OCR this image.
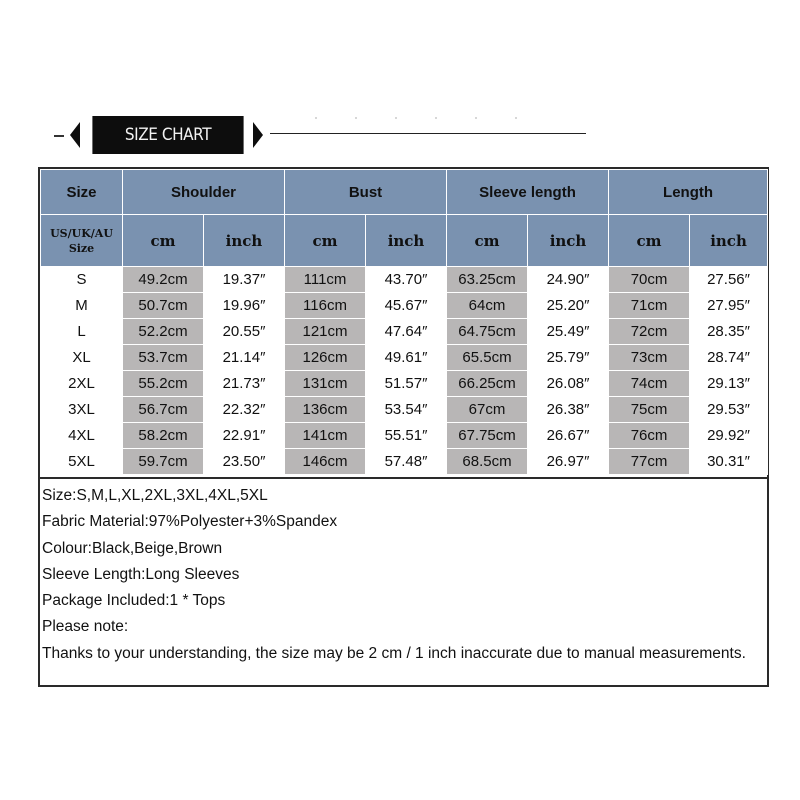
SIZE CHART
Size	Shoulder		Bust		Sleeve length		Length	

US/UK/AU
Size	cm	inch	cm	inch	cm	inch	cm	inch
S	49.2cm	19.37″	111cm	43.70″	63.25cm	24.90″	70cm	27.56″
M	50.7cm	19.96″	116cm	45.67″	64cm	25.20″	71cm	27.95″
L	52.2cm	20.55″	121cm	47.64″	64.75cm	25.49″	72cm	28.35″
XL	53.7cm	21.14″	126cm	49.61″	65.5cm	25.79″	73cm	28.74″
2XL	55.2cm	21.73″	131cm	51.57″	66.25cm	26.08″	74cm	29.13″
3XL	56.7cm	22.32″	136cm	53.54″	67cm	26.38″	75cm	29.53″
4XL	58.2cm	22.91″	141cm	55.51″	67.75cm	26.67″	76cm	29.92″
5XL	59.7cm	23.50″	146cm	57.48″	68.5cm	26.97″	77cm	30.31″
Size:S,M,L,XL,2XL,3XL,4XL,5XL
Fabric Material:97%Polyester+3%Spandex
Colour:Black,Beige,Brown
Sleeve Length:Long Sleeves
Package Included:1 * Tops
Please note:
Thanks to your understanding, the size may be 2 cm / 1 inch inaccurate due to manual measurements.
